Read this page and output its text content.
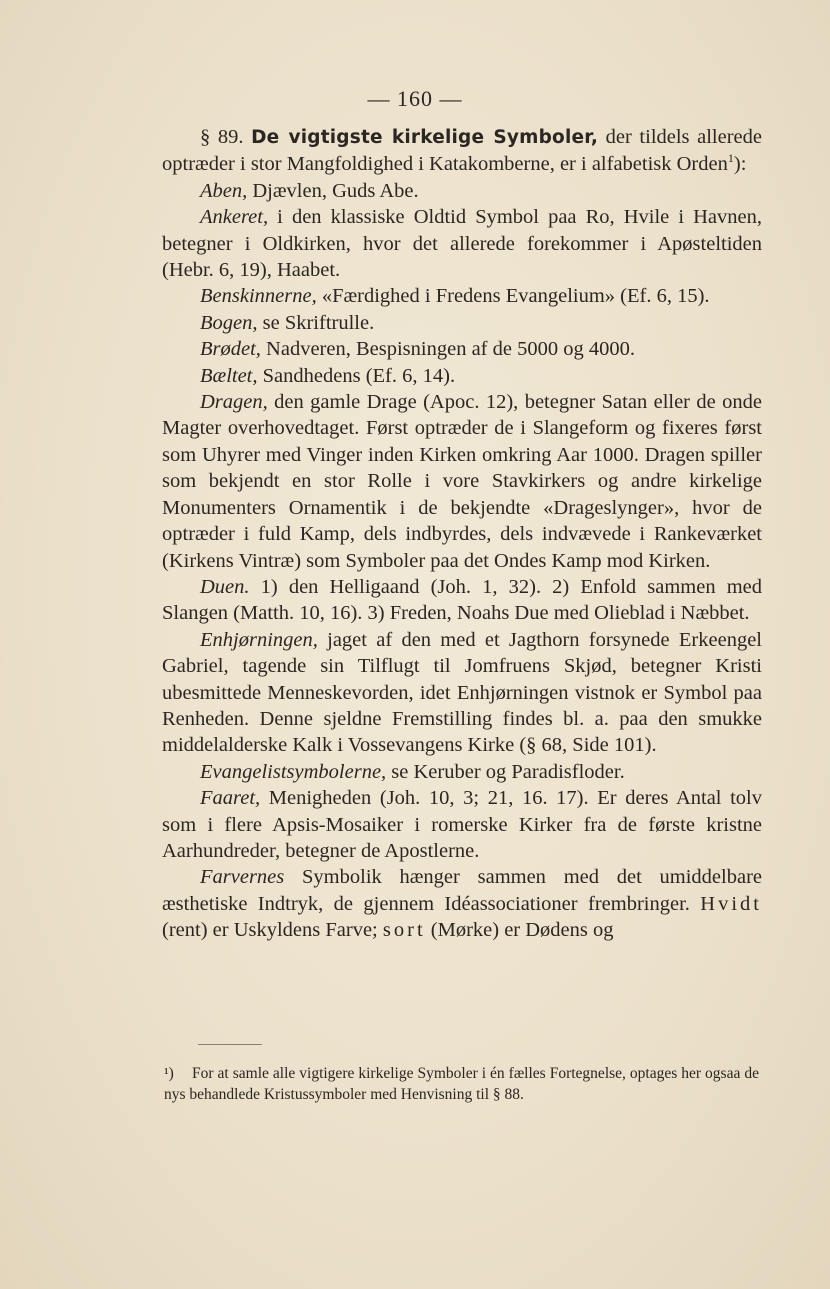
— 160 —

§ 89. De vigtigste kirkelige Symboler, der tildels allerede optræder i stor Mangfoldighed i Katakomberne, er i alfabetisk Orden$^1$):

Aben, Djævlen, Guds Abe.

Ankeret, i den klassiske Oldtid Symbol paa Ro, Hvile i Havnen, betegner i Oldkirken, hvor det allerede forekommer i Apøsteltiden (Hebr. 6, 19), Haabet.

Benskinnerne, «Færdighed i Fredens Evangelium» (Ef. 6, 15).

Bogen, se Skriftrulle.

Brødet, Nadveren, Bespisningen af de 5000 og 4000.

Bæltet, Sandhedens (Ef. 6, 14).

Dragen, den gamle Drage (Apoc. 12), betegner Satan eller de onde Magter overhovedtaget. Først optræder de i Slangeform og fixeres først som Uhyrer med Vinger inden Kirken omkring Aar 1000. Dragen spiller som bekjendt en stor Rolle i vore Stavkirkers og andre kirkelige Monumenters Ornamentik i de bekjendte «Drageslynger», hvor de optræder i fuld Kamp, dels indbyrdes, dels indvævede i Rankeværket (Kirkens Vintræ) som Symboler paa det Ondes Kamp mod Kirken.

Duen. 1) den Helligaand (Joh. 1, 32). 2) Enfold sammen med Slangen (Matth. 10, 16). 3) Freden, Noahs Due med Olieblad i Næbbet.

Enhjørningen, jaget af den med et Jagthorn forsynede Erkeengel Gabriel, tagende sin Tilflugt til Jomfruens Skjød, betegner Kristi ubesmittede Menneskevorden, idet Enhjørningen vistnok er Symbol paa Renheden. Denne sjeldne Fremstilling findes bl. a. paa den smukke middelalderske Kalk i Vossevangens Kirke (§ 68, Side 101).

Evangelistsymbolerne, se Keruber og Paradisfloder.

Faaret, Menigheden (Joh. 10, 3; 21, 16. 17). Er deres Antal tolv som i flere Apsis-Mosaiker i romerske Kirker fra de første kristne Aarhundreder, betegner de Apostlerne.

Farvernes Symbolik hænger sammen med det umiddelbare æsthetiske Indtryk, de gjennem Idéassociationer frembringer. Hvidt (rent) er Uskyldens Farve; sort (Mørke) er Dødens og

¹) For at samle alle vigtigere kirkelige Symboler i én fælles Fortegnelse, optages her ogsaa de nys behandlede Kristussymboler med Henvisning til § 88.
